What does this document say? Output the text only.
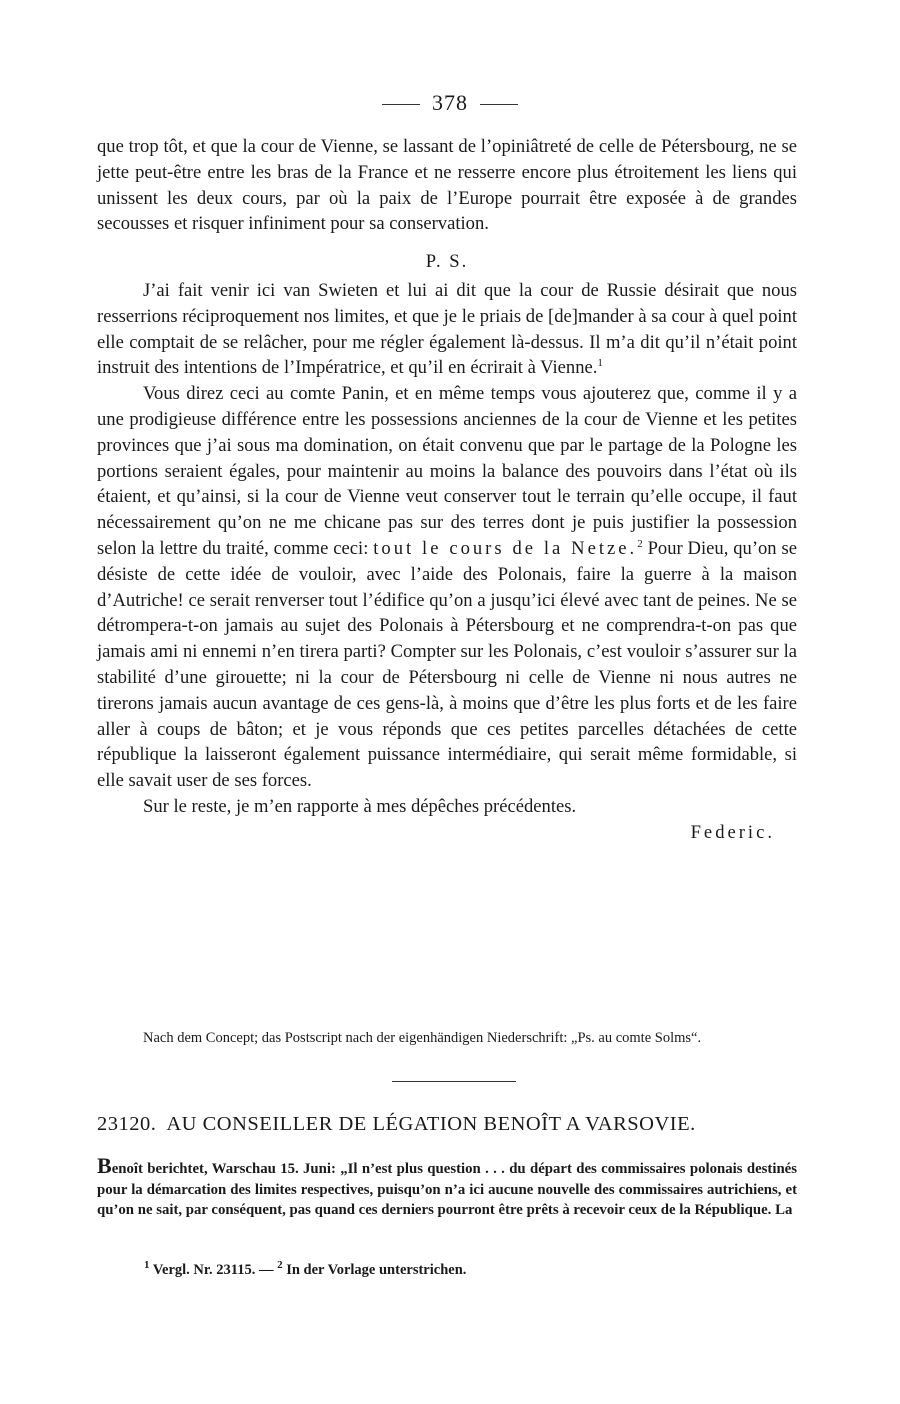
378

que trop tôt, et que la cour de Vienne, se lassant de l’opiniâtreté de celle de Pétersbourg, ne se jette peut-être entre les bras de la France et ne resserre encore plus étroitement les liens qui unissent les deux cours, par où la paix de l’Europe pourrait être exposée à de grandes secousses et risquer infiniment pour sa conservation.

P. S.

J’ai fait venir ici van Swieten et lui ai dit que la cour de Russie désirait que nous resserrions réciproquement nos limites, et que je le priais de [de]mander à sa cour à quel point elle comptait de se relâcher, pour me régler également là-dessus. Il m’a dit qu’il n’était point instruit des intentions de l’Impératrice, et qu’il en écrirait à Vienne.$^1$

Vous direz ceci au comte Panin, et en même temps vous ajouterez que, comme il y a une prodigieuse différence entre les possessions anciennes de la cour de Vienne et les petites provinces que j’ai sous ma domination, on était convenu que par le partage de la Pologne les portions seraient égales, pour maintenir au moins la balance des pouvoirs dans l’état où ils étaient, et qu’ainsi, si la cour de Vienne veut conserver tout le terrain qu’elle occupe, il faut nécessairement qu’on ne me chicane pas sur des terres dont je puis justifier la possession selon la lettre du traité, comme ceci: tout le cours de la Netze.$^2$ Pour Dieu, qu’on se désiste de cette idée de vouloir, avec l’aide des Polonais, faire la guerre à la maison d’Autriche! ce serait renverser tout l’édifice qu’on a jusqu’ici élevé avec tant de peines. Ne se détrompera-t-on jamais au sujet des Polonais à Pétersbourg et ne comprendra-t-on pas que jamais ami ni ennemi n’en tirera parti? Compter sur les Polonais, c’est vouloir s’assurer sur la stabilité d’une girouette; ni la cour de Pétersbourg ni celle de Vienne ni nous autres ne tirerons jamais aucun avantage de ces gens-là, à moins que d’être les plus forts et de les faire aller à coups de bâton; et je vous réponds que ces petites parcelles détachées de cette république la laisseront également puissance intermédiaire, qui serait même formidable, si elle savait user de ses forces.

Sur le reste, je m’en rapporte à mes dépêches précédentes.

Federic.

Nach dem Concept; das Postscript nach der eigenhändigen Niederschrift: „Ps. au comte Solms“.
23120. AU CONSEILLER DE LÉGATION BENOÎT A VARSOVIE.
Benoît berichtet, Warschau 15. Juni: „Il n’est plus question . . . du départ des commissaires polonais destinés pour la démarcation des limites respectives, puisqu’on n’a ici aucune nouvelle des commissaires autrichiens, et qu’on ne sait, par conséquent, pas quand ces derniers pourront être prêts à recevoir ceux de la République. La
$^1$ Vergl. Nr. 23115. — $^2$ In der Vorlage unterstrichen.
